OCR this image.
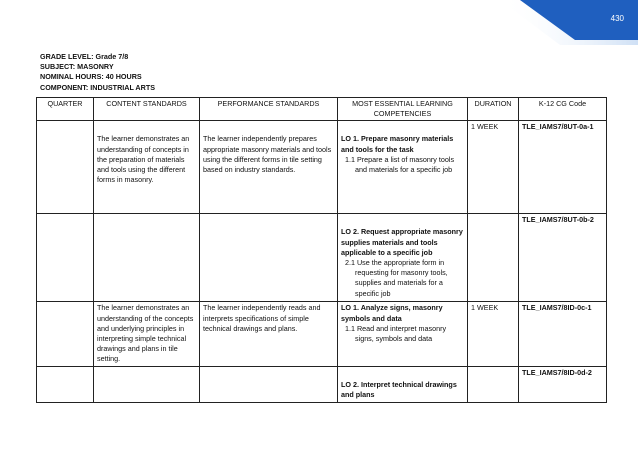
430
GRADE LEVEL: Grade 7/8
SUBJECT: MASONRY
NOMINAL HOURS: 40 HOURS
COMPONENT: INDUSTRIAL ARTS
QUARTER	CONTENT STANDARDS	PERFORMANCE STANDARDS	MOST ESSENTIAL LEARNING COMPETENCIES	DURATION	K-12 CG Code

	The learner demonstrates an understanding of concepts in the preparation of materials and tools using the different forms in masonry.	The learner independently prepares appropriate masonry materials and tools using the different forms in tile setting based on industry standards.	LO 1. Prepare masonry materials and tools for the task
1.1 Prepare a list of masonry tools and materials for a specific job	1 WEEK	TLE_IAMS7/8UT-0a-1

			LO 2. Request appropriate masonry supplies materials and tools applicable to a specific job
2.1 Use the appropriate form in requesting for masonry tools, supplies and materials for a specific job		TLE_IAMS7/8UT-0b-2
	The learner demonstrates an understanding of the concepts and underlying principles in interpreting simple technical drawings and plans in tile setting.	The learner independently reads and interprets specifications of simple technical drawings and plans.	LO 1. Analyze signs, masonry symbols and data
1.1 Read and interpret masonry signs, symbols and data	1 WEEK	TLE_IAMS7/8ID-0c-1

			LO 2. Interpret technical drawings and plans		TLE_IAMS7/8ID-0d-2
